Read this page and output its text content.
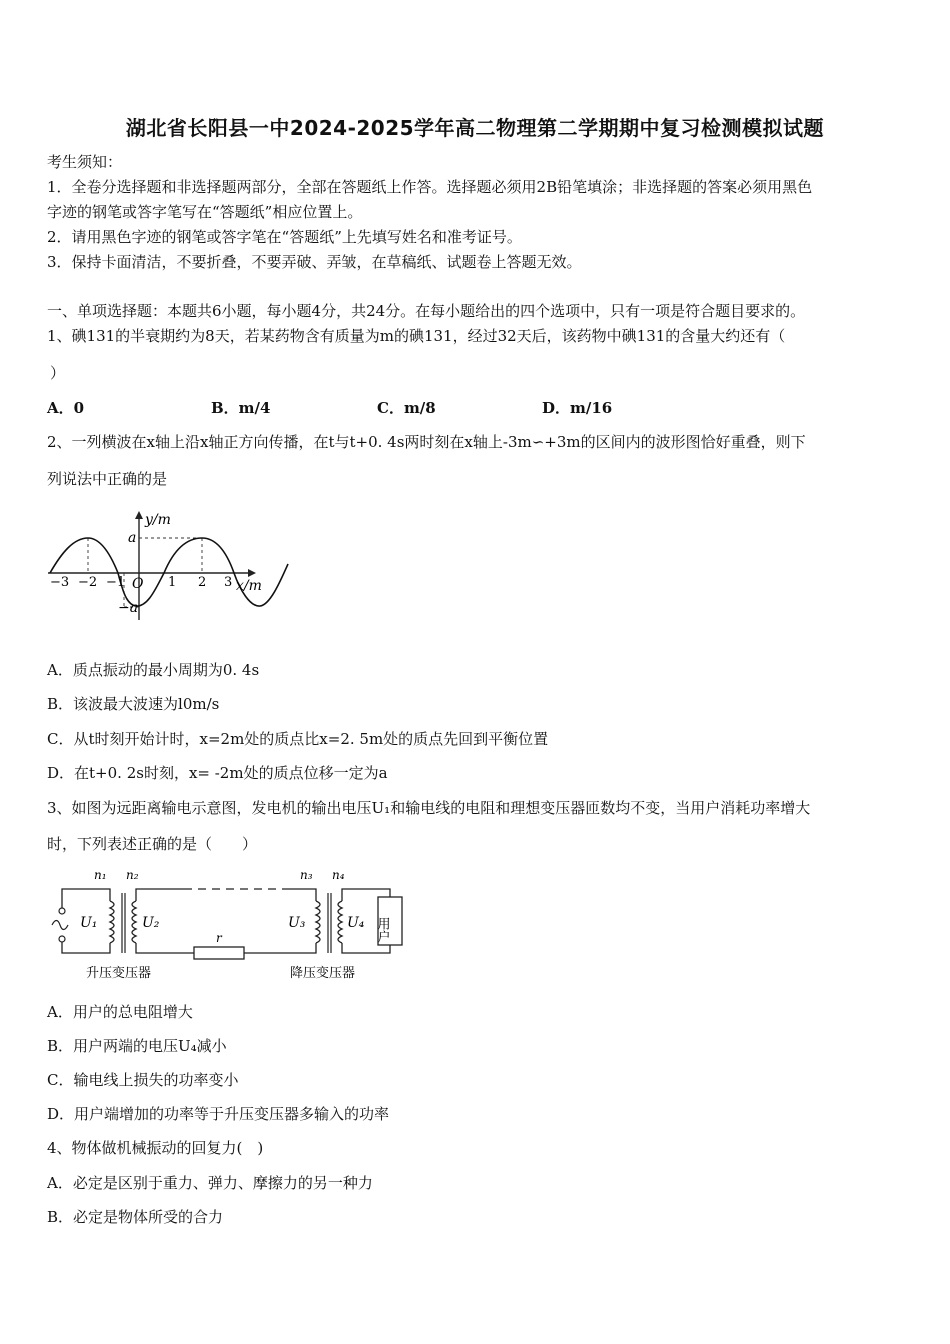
湖北省长阳县一中2024-2025学年高二物理第二学期期中复习检测模拟试题
考生须知：
1．全卷分选择题和非选择题两部分，全部在答题纸上作答。选择题必须用2B铅笔填涂；非选择题的答案必须用黑色
字迹的钢笔或答字笔写在“答题纸”相应位置上。
2．请用黑色字迹的钢笔或答字笔在“答题纸”上先填写姓名和准考证号。
3．保持卡面清洁，不要折叠，不要弄破、弄皱，在草稿纸、试题卷上答题无效。
一、单项选择题：本题共6小题，每小题4分，共24分。在每小题给出的四个选项中，只有一项是符合题目要求的。
1、碘131的半衰期约为8天，若某药物含有质量为m的碘131，经过32天后，该药物中碘131的含量大约还有（
）
A．0	B．m/4	C．m/8	D．m/16
2、一列横波在x轴上沿x轴正方向传播，在t与t+0. 4s两时刻在x轴上-3m∽+3m的区间内的波形图恰好重叠，则下
列说法中正确的是
y/m
a
−a
x/m
−3 −2 −1 O 1 2 3
A．质点振动的最小周期为0. 4s
B．该波最大波速为l0m/s
C．从t时刻开始计时，x=2m处的质点比x=2. 5m处的质点先回到平衡位置
D．在t+0. 2s时刻，x= -2m处的质点位移一定为a
3、如图为远距离输电示意图，发电机的输出电压U₁和输电线的电阻和理想变压器匝数均不变，当用户消耗功率增大
时，下列表述正确的是（　　）
n₁ n₂	n₃ n₄
U₁	U₂	U₃	U₄
r	用户
升压变压器	降压变压器
A．用户的总电阻增大
B．用户两端的电压U₄减小
C．输电线上损失的功率变小
D．用户端增加的功率等于升压变压器多输入的功率
4、物体做机械振动的回复力(　)
A．必定是区别于重力、弹力、摩擦力的另一种力
B．必定是物体所受的合力
